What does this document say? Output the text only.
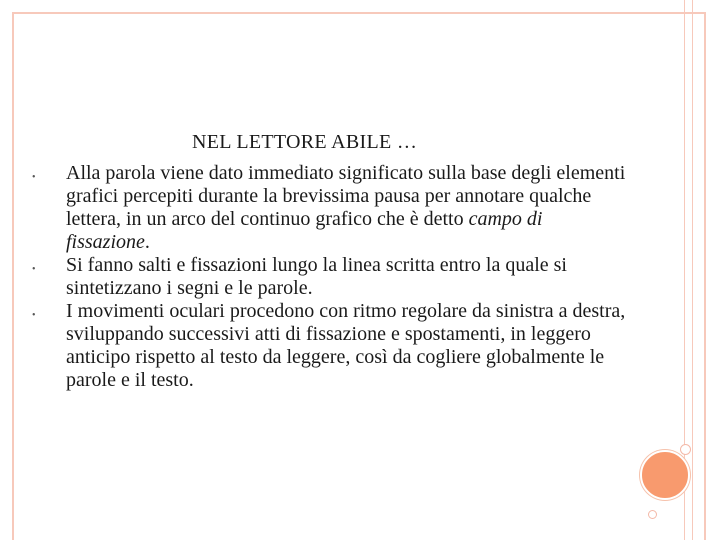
NEL LETTORE ABILE …
• Alla parola viene dato immediato significato sulla base degli elementi grafici percepiti durante la brevissima pausa per annotare qualche lettera, in un arco del continuo grafico che è detto campo di fissazione.
• Si fanno salti e fissazioni lungo la linea scritta entro la quale si sintetizzano i segni e le parole.
• I movimenti oculari procedono con ritmo regolare da sinistra a destra, sviluppando successivi atti di fissazione e spostamenti, in leggero anticipo rispetto al testo da leggere, così da cogliere globalmente le parole e il testo.
